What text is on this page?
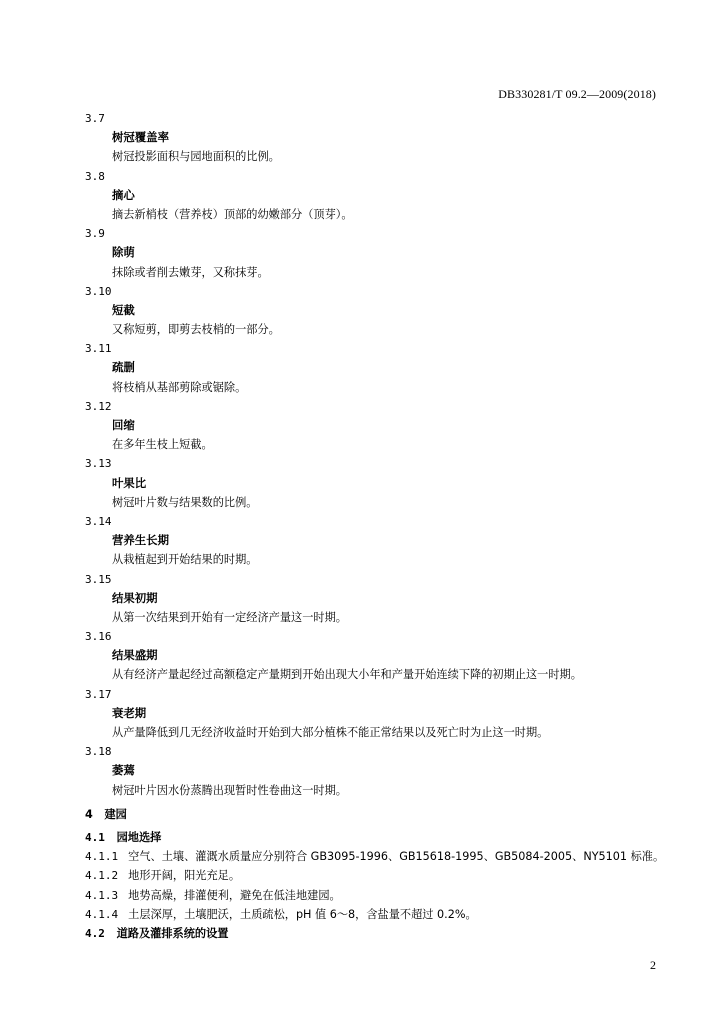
DB330281/T 09.2—2009(2018)
3.7
树冠覆盖率
树冠投影面积与园地面积的比例。
3.8
摘心
摘去新梢枝（营养枝）顶部的幼嫩部分（顶芽）。
3.9
除萌
抹除或者削去嫩芽，又称抹芽。
3.10
短截
又称短剪，即剪去枝梢的一部分。
3.11
疏删
将枝梢从基部剪除或锯除。
3.12
回缩
在多年生枝上短截。
3.13
叶果比
树冠叶片数与结果数的比例。
3.14
营养生长期
从栽植起到开始结果的时期。
3.15
结果初期
从第一次结果到开始有一定经济产量这一时期。
3.16
结果盛期
从有经济产量起经过高额稳定产量期到开始出现大小年和产量开始连续下降的初期止这一时期。
3.17
衰老期
从产量降低到几无经济收益时开始到大部分植株不能正常结果以及死亡时为止这一时期。
3.18
萎蔫
树冠叶片因水份蒸腾出现暂时性卷曲这一时期。
4 建园
4.1 园地选择
4.1.1 空气、土壤、灌溉水质量应分别符合 GB3095-1996、GB15618-1995、GB5084-2005、NY5101 标准。
4.1.2 地形开阔，阳光充足。
4.1.3 地势高燥，排灌便利，避免在低洼地建园。
4.1.4 土层深厚，土壤肥沃，土质疏松，pH 值 6～8，含盐量不超过 0.2%。
4.2 道路及灌排系统的设置
2
